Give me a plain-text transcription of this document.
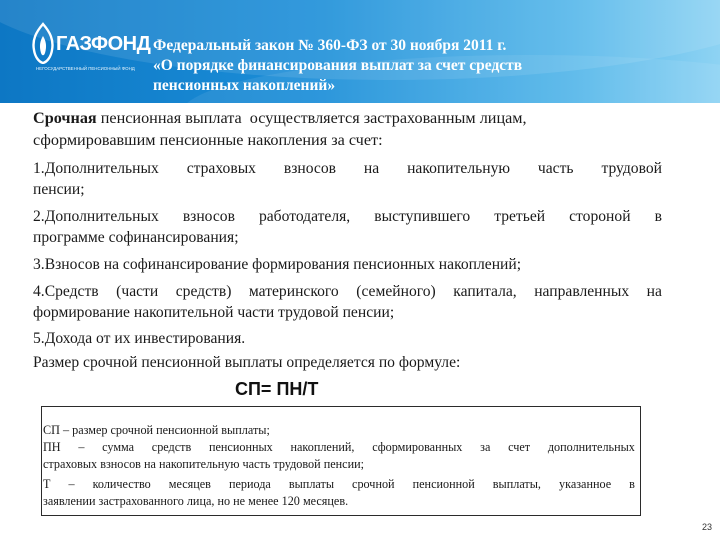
ГАЗФОНД
НЕГОСУДАРСТВЕННЫЙ ПЕНСИОННЫЙ ФОНД
Федеральный закон № 360-ФЗ от 30 ноября 2011 г.
«О порядке финансирования выплат за счет средств
пенсионных накоплений»
Срочная пенсионная выплата  осуществляется застрахованным лицам,
сформировавшим пенсионные накопления за счет:
1.Дополнительных страховых взносов на накопительную часть трудовой
пенсии;
2.Дополнительных взносов работодателя, выступившего третьей стороной в
программе софинансирования;
3.Взносов на софинансирование формирования пенсионных накоплений;
4.Средств (части средств) материнского (семейного) капитала, направленных на
формирование накопительной части трудовой пенсии;
5.Дохода от их инвестирования.
Размер срочной пенсионной выплаты определяется по формуле:
СП= ПН/Т
СП – размер срочной пенсионной выплаты;
ПН – сумма средств пенсионных накоплений, сформированных за счет дополнительных
страховых взносов на накопительную часть трудовой пенсии;
Т – количество месяцев периода выплаты срочной пенсионной выплаты, указанное в
заявлении застрахованного лица, но не менее 120 месяцев.
23
